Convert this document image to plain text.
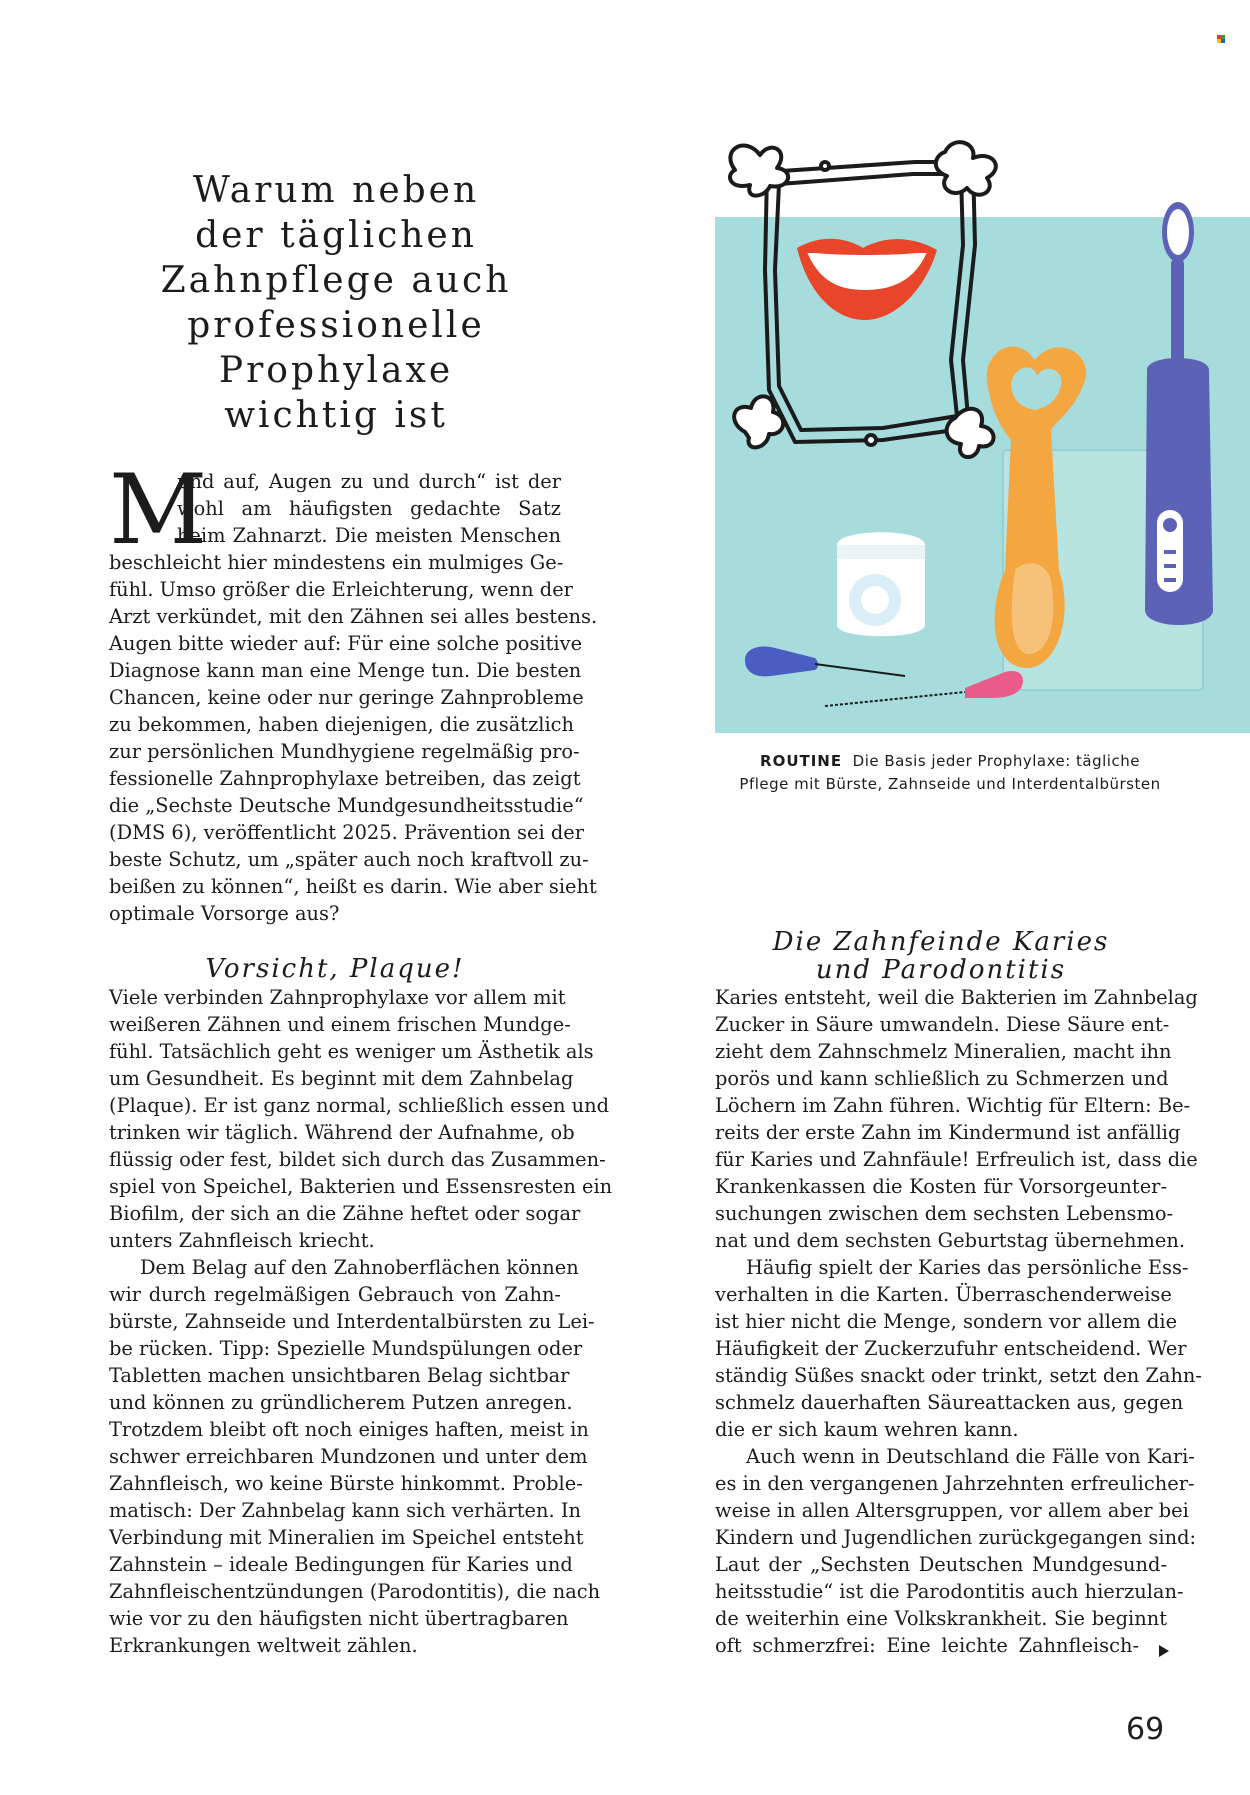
Warum neben
der täglichen
Zahnpflege auch
professionelle
Prophylaxe
wichtig ist
M
und auf, Augen zu und durch“ ist der
wohl am häufigsten gedachte Satz
beim Zahnarzt. Die meisten Menschen
beschleicht hier mindestens ein mulmiges Ge-
fühl. Umso größer die Erleichterung, wenn der
Arzt verkündet, mit den Zähnen sei alles bestens.
Augen bitte wieder auf: Für eine solche positive
Diagnose kann man eine Menge tun. Die besten
Chancen, keine oder nur geringe Zahnprobleme
zu bekommen, haben diejenigen, die zusätzlich
zur persönlichen Mundhygiene regelmäßig pro-
fessionelle Zahnprophylaxe betreiben, das zeigt
die „Sechste Deutsche Mundgesundheitsstudie“
(DMS 6), veröffentlicht 2025. Prävention sei der
beste Schutz, um „später auch noch kraftvoll zu-
beißen zu können“, heißt es darin. Wie aber sieht
optimale Vorsorge aus?
Vorsicht, Plaque!
Viele verbinden Zahnprophylaxe vor allem mit
weißeren Zähnen und einem frischen Mundge-
fühl. Tatsächlich geht es weniger um Ästhetik als
um Gesundheit. Es beginnt mit dem Zahnbelag
(Plaque). Er ist ganz normal, schließlich essen und
trinken wir täglich. Während der Aufnahme, ob
flüssig oder fest, bildet sich durch das Zusammen-
spiel von Speichel, Bakterien und Essensresten ein
Biofilm, der sich an die Zähne heftet oder sogar
unters Zahnfleisch kriecht.
Dem Belag auf den Zahnoberflächen können
wir durch regelmäßigen Gebrauch von Zahn-
bürste, Zahnseide und Interdentalbürsten zu Lei-
be rücken. Tipp: Spezielle Mundspülungen oder
Tabletten machen unsichtbaren Belag sichtbar
und können zu gründlicherem Putzen anregen.
Trotzdem bleibt oft noch einiges haften, meist in
schwer erreichbaren Mundzonen und unter dem
Zahnfleisch, wo keine Bürste hinkommt. Proble-
matisch: Der Zahnbelag kann sich verhärten. In
Verbindung mit Mineralien im Speichel entsteht
Zahnstein – ideale Bedingungen für Karies und
Zahnfleischentzündungen (Parodontitis), die nach
wie vor zu den häufigsten nicht übertragbaren
Erkrankungen weltweit zählen.
ROUTINE Die Basis jeder Prophylaxe: tägliche
Pflege mit Bürste, Zahnseide und Interdentalbürsten
Die Zahnfeinde Karies
und Parodontitis
Karies entsteht, weil die Bakterien im Zahnbelag
Zucker in Säure umwandeln. Diese Säure ent-
zieht dem Zahnschmelz Mineralien, macht ihn
porös und kann schließlich zu Schmerzen und
Löchern im Zahn führen. Wichtig für Eltern: Be-
reits der erste Zahn im Kindermund ist anfällig
für Karies und Zahnfäule! Erfreulich ist, dass die
Krankenkassen die Kosten für Vorsorgeunter-
suchungen zwischen dem sechsten Lebensmo-
nat und dem sechsten Geburtstag übernehmen.
Häufig spielt der Karies das persönliche Ess-
verhalten in die Karten. Überraschenderweise
ist hier nicht die Menge, sondern vor allem die
Häufigkeit der Zuckerzufuhr entscheidend. Wer
ständig Süßes snackt oder trinkt, setzt den Zahn-
schmelz dauerhaften Säureattacken aus, gegen
die er sich kaum wehren kann.
Auch wenn in Deutschland die Fälle von Kari-
es in den vergangenen Jahrzehnten erfreulicher-
weise in allen Altersgruppen, vor allem aber bei
Kindern und Jugendlichen zurückgegangen sind:
Laut der „Sechsten Deutschen Mundgesund-
heitsstudie“ ist die Parodontitis auch hierzulan-
de weiterhin eine Volkskrankheit. Sie beginnt
oft schmerzfrei: Eine leichte Zahnfleisch-
69
